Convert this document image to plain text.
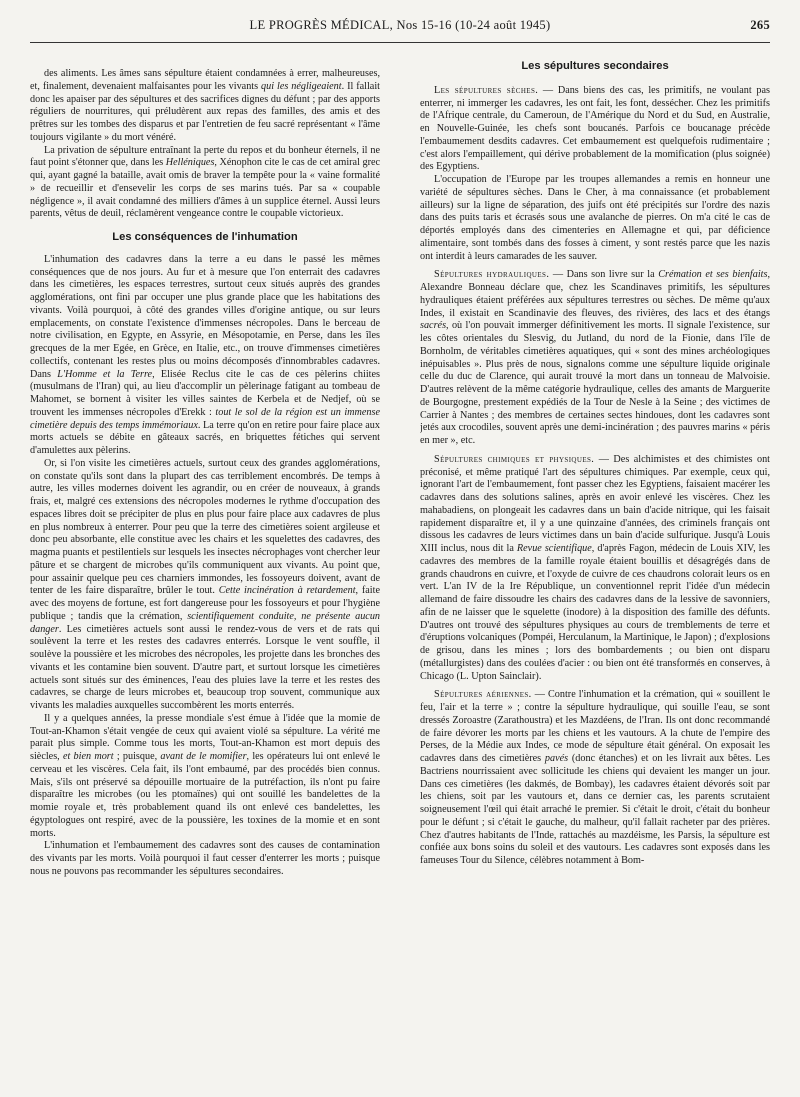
LE PROGRÈS MÉDICAL, Nos 15-16 (10-24 août 1945)	265

des aliments. Les âmes sans sépulture étaient condamnées à errer, malheureuses, et, finalement, devenaient malfaisantes pour les vivants qui les négligeaient. Il fallait donc les apaiser par des sépultures et des sacrifices dignes du défunt ; par des apports réguliers de nourritures, qui préludèrent aux repas des familles, des amis et des prêtres sur les tombes des disparus et par l'entretien de feu sacré représentant « l'âme toujours vigilante » du mort vénéré.

La privation de sépulture entraînant la perte du repos et du bonheur éternels, il ne faut point s'étonner que, dans les Helléniques, Xénophon cite le cas de cet amiral grec qui, ayant gagné la bataille, avait omis de braver la tempête pour la « vaine formalité » de recueillir et d'ensevelir les corps de ses marins tués. Par sa « coupable négligence », il avait condamné des milliers d'âmes à un supplice éternel. Aussi leurs parents, vêtus de deuil, réclamèrent vengeance contre le coupable victorieux.

Les conséquences de l'inhumation

L'inhumation des cadavres dans la terre a eu dans le passé les mêmes conséquences que de nos jours. Au fur et à mesure que l'on enterrait des cadavres dans les cimetières, les espaces terrestres, surtout ceux situés auprès des grandes agglomérations, ont fini par occuper une plus grande place que les habitations des vivants. Voilà pourquoi, à côté des grandes villes d'origine antique, ou sur leurs emplacements, on constate l'existence d'immenses nécropoles. Dans le berceau de notre civilisation, en Egypte, en Assyrie, en Mésopotamie, en Perse, dans les îles grecques de la mer Egée, en Grèce, en Italie, etc., on trouve d'immenses cimetières collectifs, contenant les restes plus ou moins décomposés d'innombrables cadavres. Dans L'Homme et la Terre, Elisée Reclus cite le cas de ces pèlerins chiites (musulmans de l'Iran) qui, au lieu d'accomplir un pèlerinage fatigant au tombeau de Mahomet, se bornent à visiter les villes saintes de Kerbela et de Nedjef, où se trouvent les immenses nécropoles d'Erekk : tout le sol de la région est un immense cimetière depuis des temps immémoriaux. La terre qu'on en retire pour faire place aux morts actuels se débite en gâteaux sacrés, en briquettes fétiches qui servent d'amulettes aux pèlerins.

Or, si l'on visite les cimetières actuels, surtout ceux des grandes agglomérations, on constate qu'ils sont dans la plupart des cas terriblement encombrés. De temps à autre, les villes modernes doivent les agrandir, ou en créer de nouveaux, à grands frais, et, malgré ces extensions des nécropoles modernes le rythme d'occupation des espaces libres doit se précipiter de plus en plus pour faire place aux cadavres de plus en plus nombreux à enterrer. Pour peu que la terre des cimetières soient argileuse et donc peu absorbante, elle constitue avec les chairs et les squelettes des cadavres, des magma puants et pestilentiels sur lesquels les insectes nécrophages vont chercher leur pâture et se chargent de microbes qu'ils communiquent aux vivants. Au point que, pour assainir quelque peu ces charniers immondes, les fossoyeurs doivent, avant de tenter de les faire disparaître, brûler le tout. Cette incinération à retardement, faite avec des moyens de fortune, est fort dangereuse pour les fossoyeurs et pour l'hygiène publique ; tandis que la crémation, scientifiquement conduite, ne présente aucun danger. Les cimetières actuels sont aussi le rendez-vous de vers et de rats qui soulèvent la terre et les restes des cadavres enterrés. Lorsque le vent souffle, il soulève la poussière et les microbes des nécropoles, les projette dans les bronches des vivants et les contamine bien souvent. D'autre part, et surtout lorsque les cimetières actuels sont situés sur des éminences, l'eau des pluies lave la terre et les restes des cadavres, se charge de leurs microbes et, beaucoup trop souvent, communique aux vivants les maladies auxquelles succombèrent les morts enterrés.

Il y a quelques années, la presse mondiale s'est émue à l'idée que la momie de Tout-an-Khamon s'était vengée de ceux qui avaient violé sa sépulture. La vérité me parait plus simple. Comme tous les morts, Tout-an-Khamon est mort depuis des siècles, et bien mort ; puisque, avant de le momifier, les opérateurs lui ont enlevé le cerveau et les viscères. Cela fait, ils l'ont embaumé, par des procédés bien connus. Mais, s'ils ont préservé sa dépouille mortuaire de la putréfaction, ils n'ont pu faire disparaître les microbes (ou les ptomaïnes) qui ont souillé les bandelettes de la momie royale et, très probablement quand ils ont enlevé ces bandelettes, les égyptologues ont respiré, avec de la poussière, les toxines de la momie et en sont morts.

L'inhumation et l'embaumement des cadavres sont des causes de contamination des vivants par les morts. Voilà pourquoi il faut cesser d'enterrer les morts ; puisque nous ne pouvons pas recommander les sépultures secondaires.

Les sépultures secondaires

Les sépultures sèches. — Dans biens des cas, les primitifs, ne voulant pas enterrer, ni immerger les cadavres, les ont fait, les font, dessécher. Chez les primitifs de l'Afrique centrale, du Cameroun, de l'Amérique du Nord et du Sud, en Australie, en Nouvelle-Guinée, les chefs sont boucanés. Parfois ce boucanage précède l'embaumement desdits cadavres. Cet embaumement est quelquefois rudimentaire ; c'est alors l'empaillement, qui dérive probablement de la momification (plus soignée) des Egyptiens.

L'occupation de l'Europe par les troupes allemandes a remis en honneur une variété de sépultures sèches. Dans le Cher, à ma connaissance (et probablement ailleurs) sur la ligne de séparation, des juifs ont été précipités sur l'ordre des nazis dans des puits taris et écrasés sous une avalanche de pierres. On m'a cité le cas de déportés employés dans des cimenteries en Allemagne et qui, par déficience alimentaire, sont tombés dans des fosses à ciment, y sont restés parce que les nazis ont interdit à leurs camarades de les sauver.

Sépultures hydrauliques. — Dans son livre sur la Crémation et ses bienfaits, Alexandre Bonneau déclare que, chez les Scandinaves primitifs, les sépultures hydrauliques étaient préférées aux sépultures terrestres ou sèches. De même qu'aux Indes, il existait en Scandinavie des fleuves, des rivières, des lacs et des étangs sacrés, où l'on pouvait immerger définitivement les morts. Il signale l'existence, sur les côtes orientales du Slesvig, du Jutland, du nord de la Fionie, dans l'île de Bornholm, de véritables cimetières aquatiques, qui « sont des mines archéologiques inépuisables ». Plus près de nous, signalons comme une sépulture liquide originale celle du duc de Clarence, qui aurait trouvé la mort dans un tonneau de Malvoisie. D'autres relèvent de la même catégorie hydraulique, celles des amants de Marguerite de Bourgogne, prestement expédiés de la Tour de Nesle à la Seine ; des victimes de Carrier à Nantes ; des membres de certaines sectes hindoues, dont les cadavres sont jetés aux crocodiles, souvent après une demi-incinération ; des pauvres marins « péris en mer », etc.

Sépultures chimiques et physiques. — Des alchimistes et des chimistes ont préconisé, et même pratiqué l'art des sépultures chimiques. Par exemple, ceux qui, ignorant l'art de l'embaumement, font passer chez les Egyptiens, faisaient macérer les cadavres dans des solutions salines, après en avoir enlevé les viscères. Chez les mahabadiens, on plongeait les cadavres dans un bain d'acide nitrique, qui les faisait rapidement disparaître et, il y a une quinzaine d'années, des criminels français ont dissous les cadavres de leurs victimes dans un bain d'acide sulfurique. Jusqu'à Louis XIII inclus, nous dit la Revue scientifique, d'après Fagon, médecin de Louis XIV, les cadavres des membres de la famille royale étaient bouillis et désagrégés dans de grands chaudrons en cuivre, et l'oxyde de cuivre de ces chaudrons colorait leurs os en vert. L'an IV de la Ire République, un conventionnel reprit l'idée d'un médecin allemand de faire dissoudre les chairs des cadavres dans de la lessive de savonniers, afin de ne laisser que le squelette (inodore) à la disposition des famille des défunts. D'autres ont trouvé des sépultures physiques au cours de tremblements de terre et d'éruptions volcaniques (Pompéi, Herculanum, la Martinique, le Japon) ; d'explosions de grisou, dans les mines ; lors des bombardements ; ou bien ont disparu (métallurgistes) dans des coulées d'acier : ou bien ont été transformés en conserves, à Chicago (L. Upton Sainclair).

Sépultures aériennes. — Contre l'inhumation et la crémation, qui « souillent le feu, l'air et la terre » ; contre la sépulture hydraulique, qui souille l'eau, se sont dressés Zoroastre (Zarathoustra) et les Mazdéens, de l'Iran. Ils ont donc recommandé de faire dévorer les morts par les chiens et les vautours. A la chute de l'empire des Perses, de la Médie aux Indes, ce mode de sépulture était général. On exposait les cadavres dans des cimetières pavés (donc étanches) et on les livrait aux bêtes. Les Bactriens nourrissaient avec sollicitude les chiens qui devaient les manger un jour. Dans ces cimetières (les dakmés, de Bombay), les cadavres étaient dévorés soit par les chiens, soit par les vautours et, dans ce dernier cas, les parents scrutaient soigneusement l'œil qui était arraché le premier. Si c'était le droit, c'était du bonheur pour le défunt ; si c'était le gauche, du malheur, qu'il fallait racheter par des prières. Chez d'autres habitants de l'Inde, rattachés au mazdéisme, les Parsis, la sépulture est confiée aux bons soins du soleil et des vautours. Les cadavres sont exposés dans les fameuses Tour du Silence, célèbres notamment à Bom-
